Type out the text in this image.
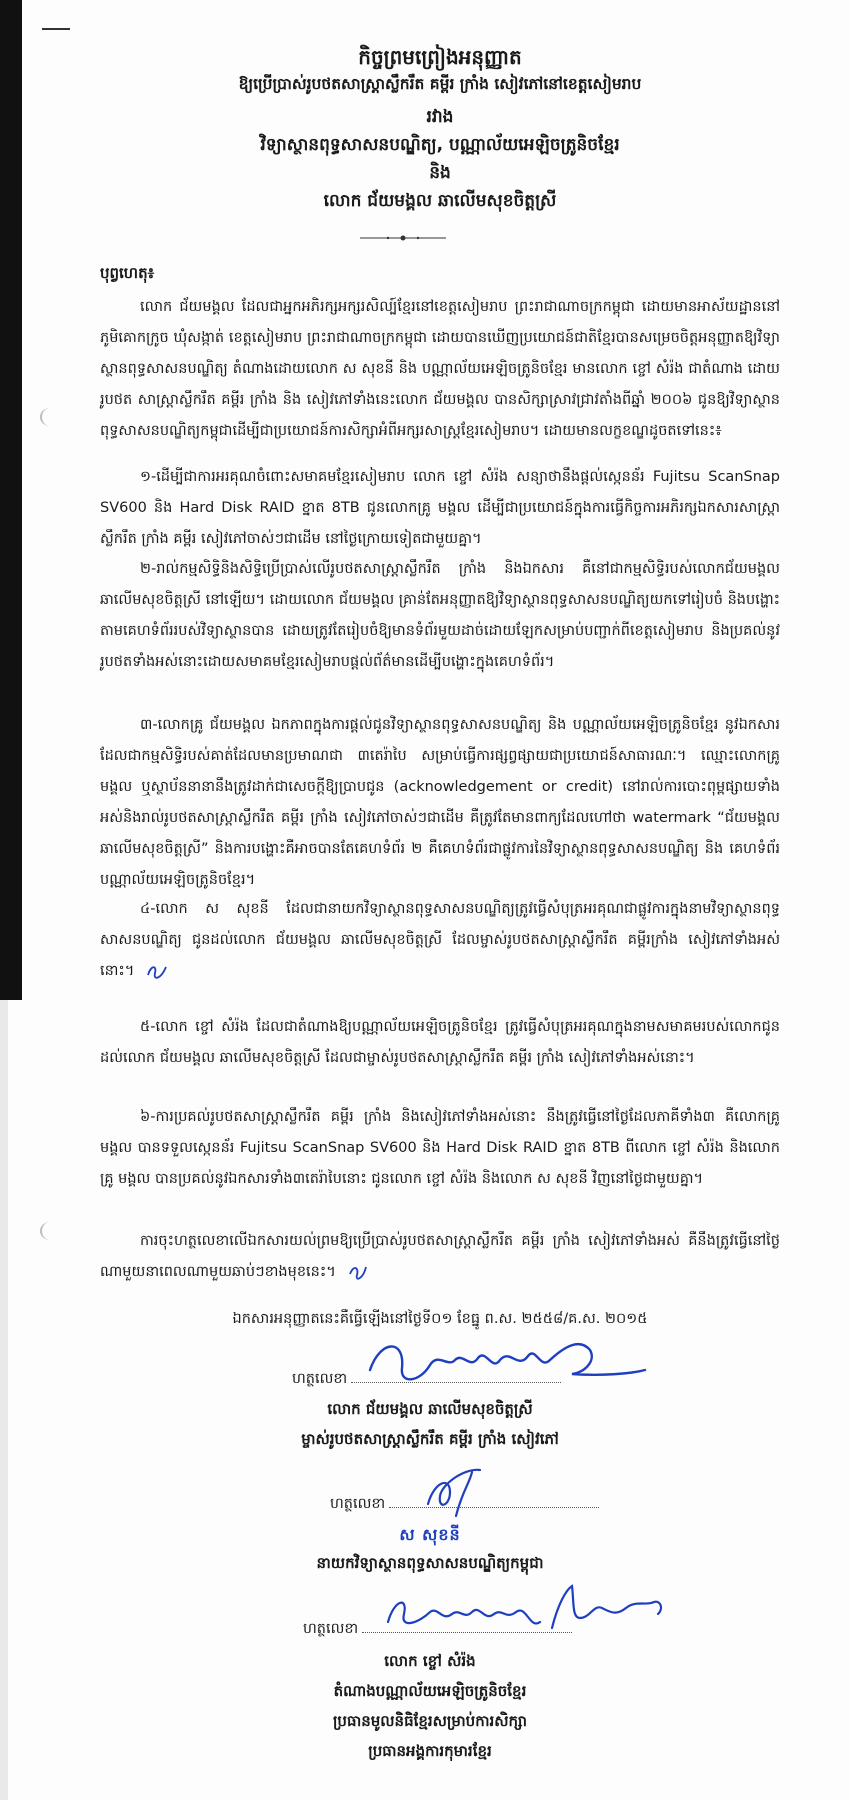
កិច្ចព្រមព្រៀងអនុញ្ញាត
ឱ្យប្រើប្រាស់រូបថតសាស្ត្រាស្លឹករឹត គម្ពីរ ក្រាំង សៀវភៅនៅខេត្តសៀមរាប
រវាង
វិទ្យាស្ថានពុទ្ធសាសនបណ្ឌិត្យ, បណ្ណាល័យអេឡិចត្រូនិចខ្មែរ
និង
លោក ជ័យមង្គល ឆាលើមសុខចិត្តស្រី
បុព្វហេតុ៖
លោក ជ័យមង្គល ដែលជាអ្នកអភិរក្សអក្សរសិល្ប៍ខ្មែរនៅខេត្តសៀមរាប ព្រះរាជាណាចក្រកម្ពុជា ដោយមានអាស័យដ្ឋាននៅភូមិគោកក្រូច ឃុំសង្កាត់ ខេត្តសៀមរាប ព្រះរាជាណាចក្រកម្ពុជា ដោយបានឃើញប្រយោជន៍ជាតិខ្មែរបានសម្រេចចិត្តអនុញ្ញាតឱ្យវិទ្យាស្ថានពុទ្ធសាសនបណ្ឌិត្យ តំណាងដោយលោក ស សុខនី និង បណ្ណាល័យអេឡិចត្រូនិចខ្មែរ មានលោក ខ្ចៅ សំរ៉ង ជាតំណាង ដោយរូបថត សាស្ត្រាស្លឹករឹត គម្ពីរ ក្រាំង និង សៀវភៅទាំងនេះលោក ជ័យមង្គល បានសិក្សាស្រាវជ្រាវតាំងពីឆ្នាំ ២០០៦ ជូនឱ្យវិទ្យាស្ថានពុទ្ធសាសនបណ្ឌិត្យកម្ពុជាដើម្បីជាប្រយោជន៍ការសិក្សាអំពីអក្សរសាស្ត្រខ្មែរសៀមរាប។ ដោយមានលក្ខខណ្ឌដូចតទៅនេះ៖
១-ដើម្បីជាការអរគុណចំពោះសមាគមខ្មែរសៀមរាប លោក ខ្ចៅ សំរ៉ង សន្យាថានឹងផ្តល់ស្កេនន័រ Fujitsu ScanSnap SV600 និង Hard Disk RAID ខ្នាត 8TB ជូនលោកគ្រូ មង្គល ដើម្បីជាប្រយោជន៍ក្នុងការធ្វើកិច្ចការអភិរក្សឯកសារសាស្ត្រាស្លឹករឹត ក្រាំង គម្ពីរ សៀវភៅចាស់ៗជាដើម នៅថ្ងៃក្រោយទៀតជាមួយគ្នា។
២-រាល់កម្មសិទ្ធិនិងសិទ្ធិប្រើប្រាស់លើរូបថតសាស្ត្រាស្លឹករឹត ក្រាំង និងឯកសារ គឺនៅជាកម្មសិទ្ធិរបស់លោកជ័យមង្គល ឆាលើមសុខចិត្តស្រី នៅឡើយ។ ដោយលោក ជ័យមង្គល គ្រាន់តែអនុញ្ញាតឱ្យវិទ្យាស្ថានពុទ្ធសាសនបណ្ឌិត្យយកទៅរៀបចំ និងបង្ហោះតាមគេហទំព័ររបស់វិទ្យាស្ថានបាន ដោយត្រូវតែរៀបចំឱ្យមានទំព័រមួយដាច់ដោយឡែកសម្រាប់បញ្ជាក់ពីខេត្តសៀមរាប និងប្រគល់នូវរូបថតទាំងអស់នោះដោយសមាគមខ្មែរសៀមរាបផ្តល់ព័ត៌មានដើម្បីបង្ហោះក្នុងគេហទំព័រ។
៣-លោកគ្រូ ជ័យមង្គល ឯកភាពក្នុងការផ្តល់ជូនវិទ្យាស្ថានពុទ្ធសាសនបណ្ឌិត្យ និង បណ្ណាល័យអេឡិចត្រូនិចខ្មែរ នូវឯកសារដែលជាកម្មសិទ្ធិរបស់គាត់ដែលមានប្រមាណជា ៣តេរ៉ាបៃ សម្រាប់ធ្វើការផ្សព្វផ្សាយជាប្រយោជន៍សាធារណៈ។ ឈ្មោះលោកគ្រូ មង្គល ឬស្ថាប័ននានានឹងត្រូវដាក់ជាសេចក្តីឱ្យប្រាបជូន (acknowledgement or credit) នៅរាល់ការបោះពុម្ពផ្សាយទាំងអស់និងរាល់រូបថតសាស្ត្រាស្លឹករឹត គម្ពីរ ក្រាំង សៀវភៅចាស់ៗជាដើម គឺត្រូវតែមានពាក្យដែលហៅថា watermark “ជ័យមង្គល ឆាលើមសុខចិត្តស្រី” និងការបង្ហោះគឺអាចបានតែគេហទំព័រ ២ គឺគេហទំព័រជាផ្លូវការនៃវិទ្យាស្ថានពុទ្ធសាសនបណ្ឌិត្យ និង គេហទំព័របណ្ណាល័យអេឡិចត្រូនិចខ្មែរ។
៤-លោក ស សុខនី ដែលជានាយកវិទ្យាស្ថានពុទ្ធសាសនបណ្ឌិត្យត្រូវធ្វើសំបុត្រអរគុណជាផ្លូវការក្នុងនាមវិទ្យាស្ថានពុទ្ធសាសនបណ្ឌិត្យ ជូនដល់លោក ជ័យមង្គល ឆាលើមសុខចិត្តស្រី ដែលម្ចាស់រូបថតសាស្ត្រាស្លឹករឹត គម្ពីរក្រាំង សៀវភៅទាំងអស់នោះ។
៥-លោក ខ្ចៅ សំរ៉ង ដែលជាតំណាងឱ្យបណ្ណាល័យអេឡិចត្រូនិចខ្មែរ ត្រូវធ្វើសំបុត្រអរគុណក្នុងនាមសមាគមរបស់លោកជូនដល់លោក ជ័យមង្គល ឆាលើមសុខចិត្តស្រី ដែលជាម្ចាស់រូបថតសាស្ត្រាស្លឹករឹត គម្ពីរ ក្រាំង សៀវភៅទាំងអស់នោះ។
៦-ការប្រគល់រូបថតសាស្ត្រាស្លឹករឹត គម្ពីរ ក្រាំង និងសៀវភៅទាំងអស់នោះ នឹងត្រូវធ្វើនៅថ្ងៃដែលភាគីទាំង៣ គឺលោកគ្រូ មង្គល បានទទួលស្កេនន័រ Fujitsu ScanSnap SV600 និង Hard Disk RAID ខ្នាត 8TB ពីលោក ខ្ចៅ សំរ៉ង និងលោកគ្រូ មង្គល បានប្រគល់នូវឯកសារទាំង៣តេរ៉ាបៃនោះ ជូនលោក ខ្ចៅ សំរ៉ង និងលោក ស សុខនី វិញនៅថ្ងៃជាមួយគ្នា។
ការចុះហត្ថលេខាលើឯកសារយល់ព្រមឱ្យប្រើប្រាស់រូបថតសាស្ត្រាស្លឹករឹត គម្ពីរ ក្រាំង សៀវភៅទាំងអស់ គឺនឹងត្រូវធ្វើនៅថ្ងៃណាមួយនាពេលណាមួយឆាប់ៗខាងមុខនេះ។
ឯកសារអនុញ្ញាតនេះគឺធ្វើឡើងនៅថ្ងៃទី០១ ខែធ្នូ ព.ស. ២៥៥៨/គ.ស. ២០១៥
ហត្ថលេខា
លោក ជ័យមង្គល ឆាលើមសុខចិត្តស្រី
ម្ចាស់រូបថតសាស្ត្រាស្លឹករឹត គម្ពីរ ក្រាំង សៀវភៅ
ហត្ថលេខា
ស សុខនី
នាយកវិទ្យាស្ថានពុទ្ធសាសនបណ្ឌិត្យកម្ពុជា
ហត្ថលេខា
លោក ខ្ចៅ សំរ៉ង
តំណាងបណ្ណាល័យអេឡិចត្រូនិចខ្មែរ
ប្រធានមូលនិធិខ្មែរសម្រាប់ការសិក្សា
ប្រធានអង្គការកុមារខ្មែរ
